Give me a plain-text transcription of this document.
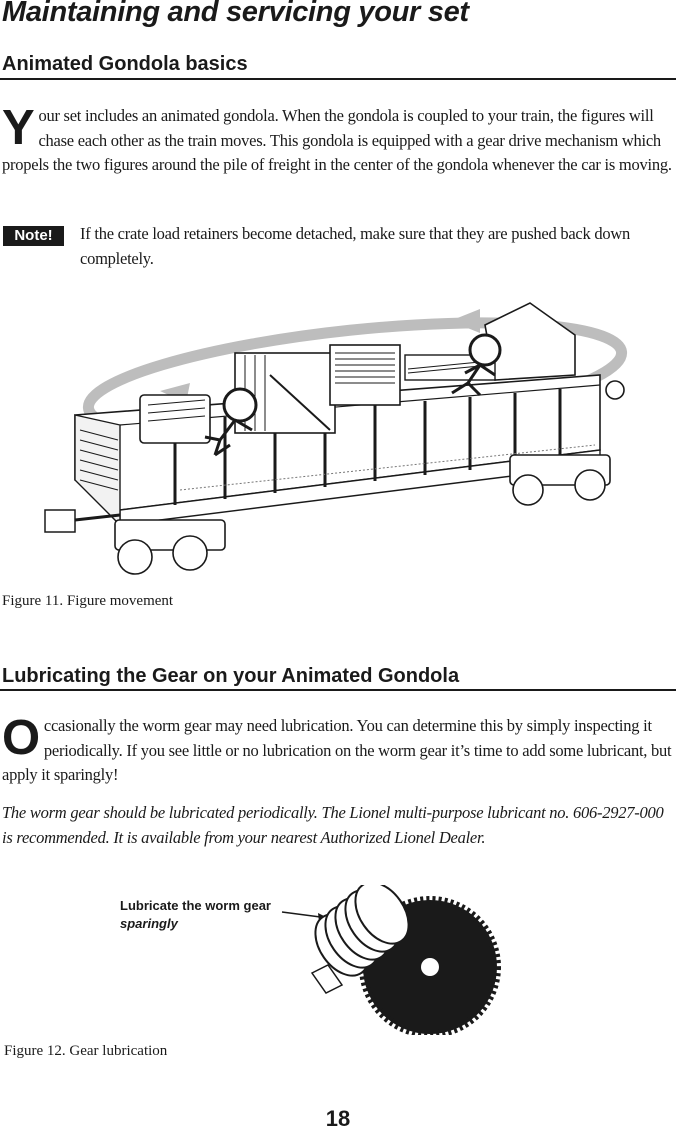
Maintaining and servicing your set
Animated Gondola basics

Your set includes an animated gondola. When the gondola is coupled to your train, the figures will chase each other as the train moves. This gondola is equipped with a gear drive mechanism which propels the two figures around the pile of freight in the center of the gondola whenever the car is moving.

Note!	If the crate load retainers become detached, make sure that they are pushed back down completely.

Figure 11. Figure movement

Lubricating the Gear on your Animated Gondola

Occasionally the worm gear may need lubrication. You can determine this by simply inspecting it periodically. If you see little or no lubrication on the worm gear it’s time to add some lubricant, but apply it sparingly!

The worm gear should be lubricated periodically. The Lionel multi-purpose lubricant no. 606-2927-000 is recommended. It is available from your nearest Authorized Lionel Dealer.

Lubricate the worm gear
sparingly

Figure 12. Gear lubrication

18
